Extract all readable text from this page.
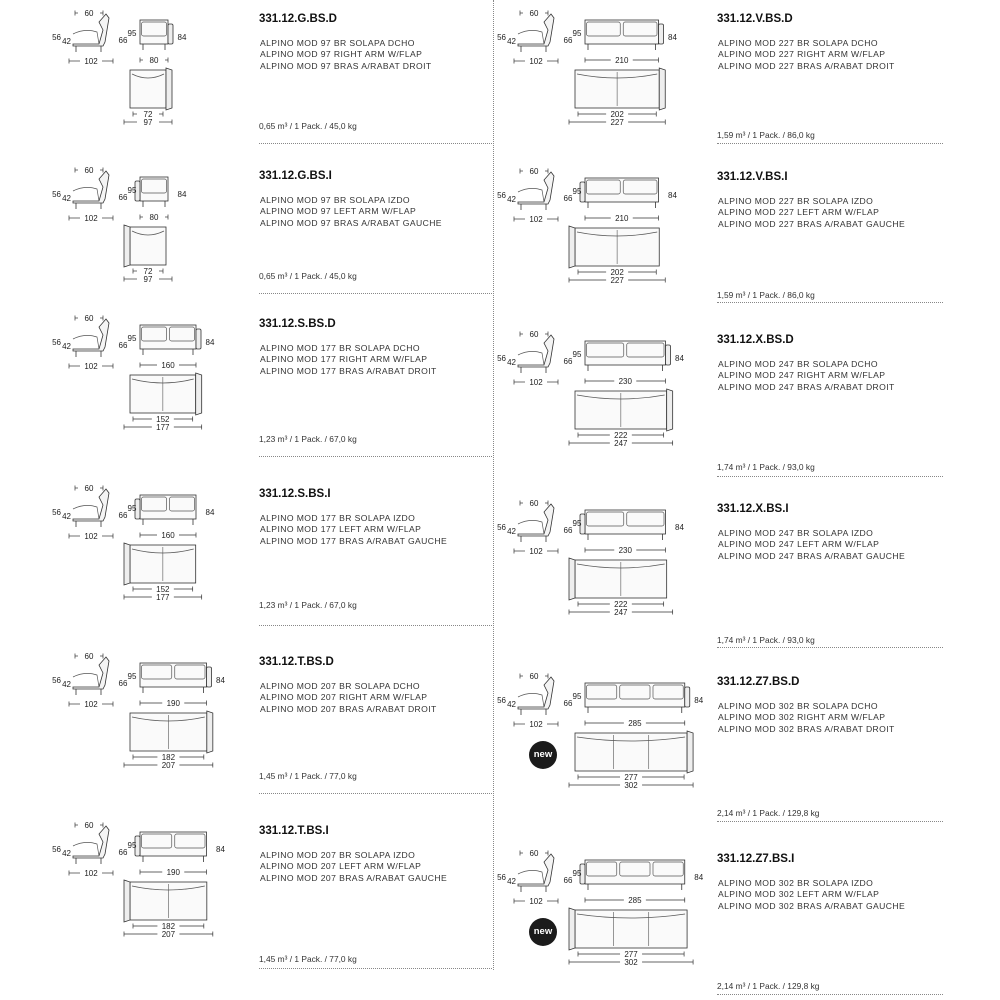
60
102
56 42	66
95	84
80
72
97
331.12.G.BS.D
ALPINO MOD 97 BR SOLAPA DCHO
ALPINO MOD 97 RIGHT ARM W/FLAP
ALPINO MOD 97 BRAS A/RABAT DROIT
0,65 m³ / 1 Pack. / 45,0 kg
60
102
56 42	66
95	84
80
72
97
331.12.G.BS.I
ALPINO MOD 97 BR SOLAPA IZDO
ALPINO MOD 97 LEFT ARM W/FLAP
ALPINO MOD 97 BRAS A/RABAT GAUCHE
0,65 m³ / 1 Pack. / 45,0 kg
60
102
56 42	66
95	84
160
152
177
331.12.S.BS.D
ALPINO MOD 177 BR SOLAPA DCHO
ALPINO MOD 177 RIGHT ARM W/FLAP
ALPINO MOD 177 BRAS A/RABAT DROIT
1,23 m³ / 1 Pack. / 67,0 kg
60
102
56 42	66
95	84
160
152
177
331.12.S.BS.I
ALPINO MOD 177 BR SOLAPA IZDO
ALPINO MOD 177 LEFT ARM W/FLAP
ALPINO MOD 177 BRAS A/RABAT GAUCHE
1,23 m³ / 1 Pack. / 67,0 kg
60
102
56 42	66
95	84
190
182
207
331.12.T.BS.D
ALPINO MOD 207 BR SOLAPA DCHO
ALPINO MOD 207 RIGHT ARM W/FLAP
ALPINO MOD 207 BRAS A/RABAT DROIT
1,45 m³ / 1 Pack. / 77,0 kg
60
102
56 42	66
95	84
190
182
207
331.12.T.BS.I
ALPINO MOD 207 BR SOLAPA IZDO
ALPINO MOD 207 LEFT ARM W/FLAP
ALPINO MOD 207 BRAS A/RABAT GAUCHE
1,45 m³ / 1 Pack. / 77,0 kg
60
102
56 42	66
95	84
210
202
227
331.12.V.BS.D
ALPINO MOD 227 BR SOLAPA DCHO
ALPINO MOD 227 RIGHT ARM W/FLAP
ALPINO MOD 227 BRAS A/RABAT DROIT
1,59 m³ / 1 Pack. / 86,0 kg
60
102
56 42	66
95	84
210
202
227
331.12.V.BS.I
ALPINO MOD 227 BR SOLAPA IZDO
ALPINO MOD 227 LEFT ARM W/FLAP
ALPINO MOD 227 BRAS A/RABAT GAUCHE
1,59 m³ / 1 Pack. / 86,0 kg
60
102
56 42	66
95	84
230
222
247
331.12.X.BS.D
ALPINO MOD 247 BR SOLAPA DCHO
ALPINO MOD 247 RIGHT ARM W/FLAP
ALPINO MOD 247 BRAS A/RABAT DROIT
1,74 m³ / 1 Pack. / 93,0 kg
60
102
56 42	66
95	84
230
222
247
331.12.X.BS.I
ALPINO MOD 247 BR SOLAPA IZDO
ALPINO MOD 247 LEFT ARM W/FLAP
ALPINO MOD 247 BRAS A/RABAT GAUCHE
1,74 m³ / 1 Pack. / 93,0 kg
60
102
56 42	66
95	84
285
277
302
331.12.Z7.BS.D
ALPINO MOD 302 BR SOLAPA DCHO
ALPINO MOD 302 RIGHT ARM W/FLAP
ALPINO MOD 302 BRAS A/RABAT DROIT
new
2,14 m³ / 1 Pack. / 129,8 kg
60
102
56 42	66
95	84
285
277
302
331.12.Z7.BS.I
ALPINO MOD 302 BR SOLAPA IZDO
ALPINO MOD 302 LEFT ARM W/FLAP
ALPINO MOD 302 BRAS A/RABAT GAUCHE
new
2,14 m³ / 1 Pack. / 129,8 kg
